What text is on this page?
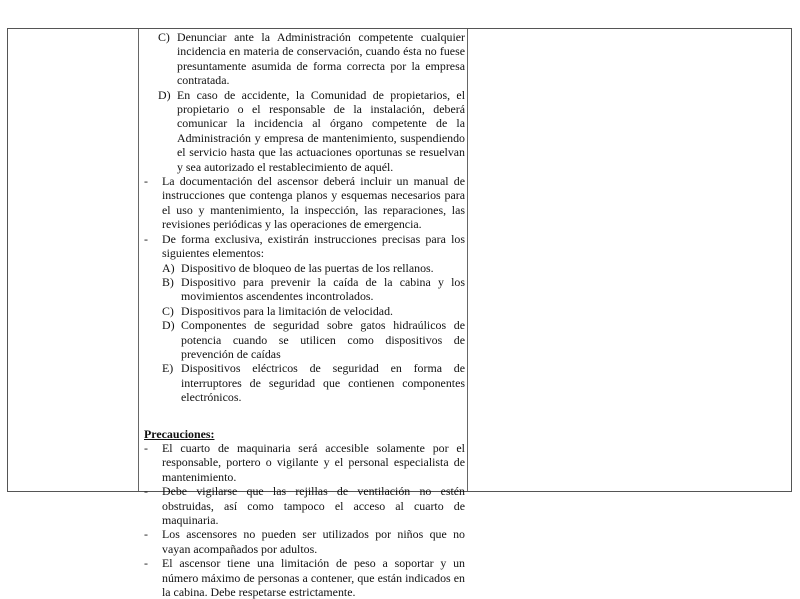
C) Denunciar ante la Administración competente cualquier incidencia en materia de conservación, cuando ésta no fuese presuntamente asumida de forma correcta por la empresa contratada.
D) En caso de accidente, la Comunidad de propietarios, el propietario o el responsable de la instalación, deberá comunicar la incidencia al órgano competente de la Administración y empresa de mantenimiento, suspendiendo el servicio hasta que las actuaciones oportunas se resuelvan y sea autorizado el restablecimiento de aquél.
-	La documentación del ascensor deberá incluir un manual de instrucciones que contenga planos y esquemas necesarios para el uso y mantenimiento, la inspección, las reparaciones, las revisiones periódicas y las operaciones de emergencia.
-	De forma exclusiva, existirán instrucciones precisas para los siguientes elementos:
A) Dispositivo de bloqueo de las puertas de los rellanos.
B) Dispositivo para prevenir la caída de la cabina y los movimientos ascendentes incontrolados.
C) Dispositivos para la limitación de velocidad.
D) Componentes de seguridad sobre gatos hidraúlicos de potencia cuando se utilicen como dispositivos de prevención de caídas
E) Dispositivos eléctricos de seguridad en forma de interruptores de seguridad que contienen componentes electrónicos.
Precauciones:
-	El cuarto de maquinaria será accesible solamente por el responsable, portero o vigilante y el personal especialista de mantenimiento.
-	Debe vigilarse que las rejillas de ventilación no estén obstruidas, así como tampoco el acceso al cuarto de maquinaria.
-	Los ascensores no pueden ser utilizados por niños que no vayan acompañados por adultos.
-	El ascensor tiene una limitación de peso a soportar y un número máximo de personas a contener, que están indicados en la cabina. Debe respetarse estrictamente.
